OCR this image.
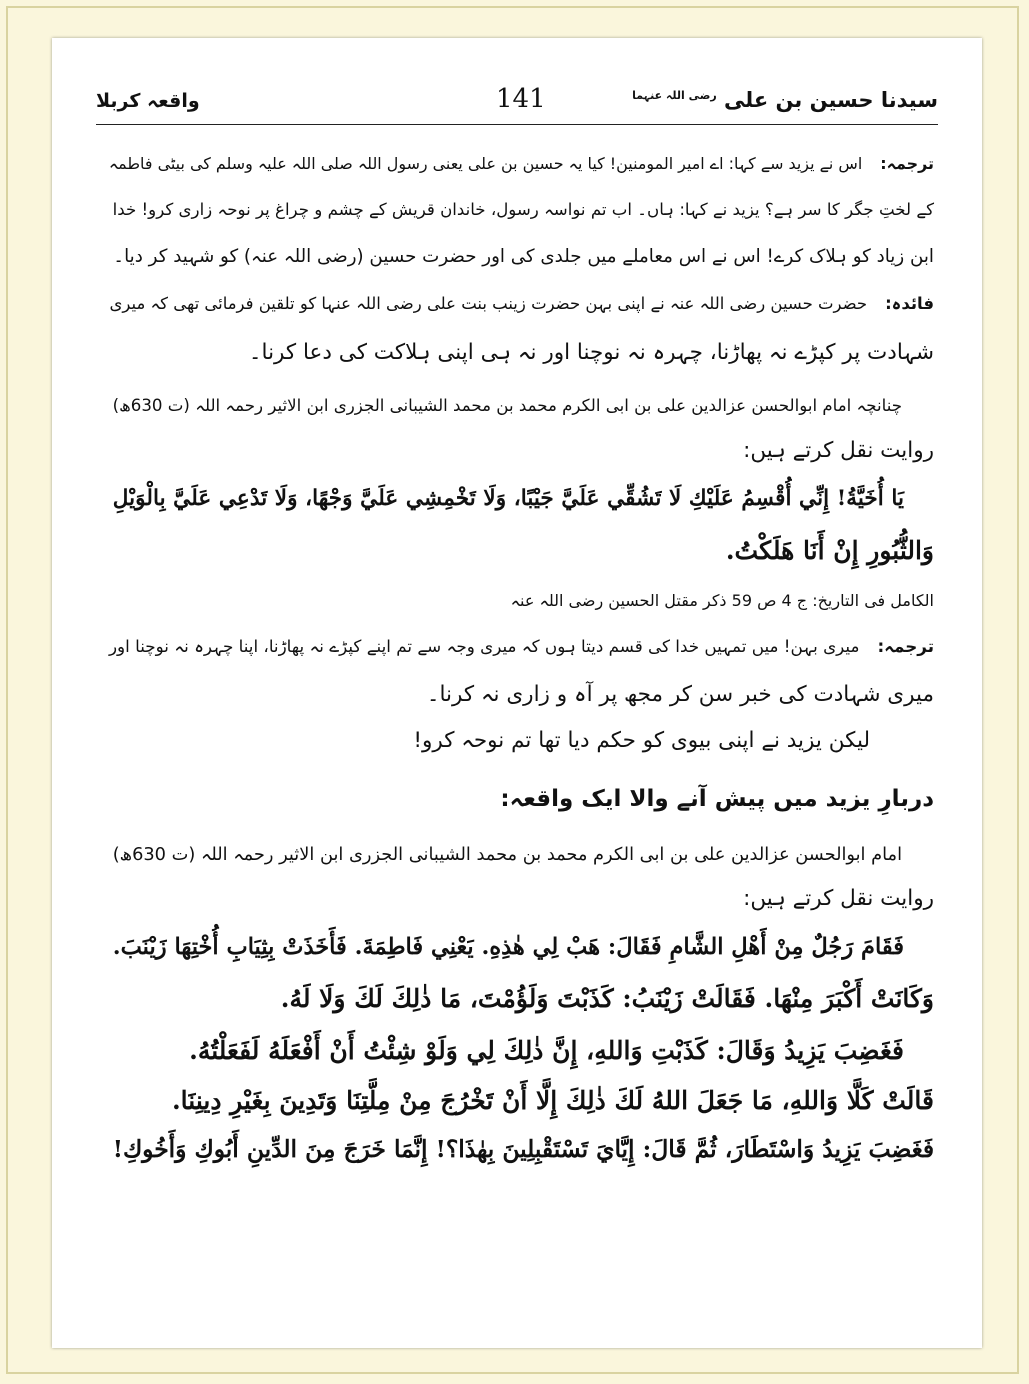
سیدنا حسین بن علی $^{رضی اللہ عنہما}$
141
واقعہ کربلا
ترجمہ:اس نے یزید سے کہا: اے امیر المومنین! کیا یہ حسین بن علی یعنی رسول اللہ صلی اللہ علیہ وسلم کی بیٹی فاطمہ
کے لختِ جگر کا سر ہے؟ یزید نے کہا: ہاں۔ اب تم نواسہ رسول، خاندان قریش کے چشم و چراغ پر نوحہ زاری کرو! خدا
ابن زیاد کو ہلاک کرے! اس نے اس معاملے میں جلدی کی اور حضرت حسین (رضی اللہ عنہ) کو شہید کر دیا۔
فائدہ:حضرت حسین رضی اللہ عنہ نے اپنی بہن حضرت زینب بنت علی رضی اللہ عنہا کو تلقین فرمائی تھی کہ میری
شہادت پر کپڑے نہ پھاڑنا، چہرہ نہ نوچنا اور نہ ہی اپنی ہلاکت کی دعا کرنا۔
چنانچہ امام ابوالحسن عزالدین علی بن ابی الکرم محمد بن محمد الشیبانی الجزری ابن الاثیر رحمہ اللہ (ت 630ھ)
روایت نقل کرتے ہیں:
يَا أُخَيَّةُ! إِنِّي أُقْسِمُ عَلَيْكِ لَا تَشُقِّي عَلَيَّ جَيْبًا، وَلَا تَخْمِشِي عَلَيَّ وَجْهًا، وَلَا تَدْعِي عَلَيَّ بِالْوَيْلِ
وَالثُّبُورِ إِنْ أَنَا هَلَكْتُ.
الکامل فی التاریخ: ج 4 ص 59 ذکر مقتل الحسین رضی اللہ عنہ
ترجمہ:میری بہن! میں تمہیں خدا کی قسم دیتا ہوں کہ میری وجہ سے تم اپنے کپڑے نہ پھاڑنا، اپنا چہرہ نہ نوچنا اور
میری شہادت کی خبر سن کر مجھ پر آہ و زاری نہ کرنا۔
لیکن یزید نے اپنی بیوی کو حکم دیا تھا تم نوحہ کرو!
دربارِ یزید میں پیش آنے والا ایک واقعہ:
امام ابوالحسن عزالدین علی بن ابی الکرم محمد بن محمد الشیبانی الجزری ابن الاثیر رحمہ اللہ (ت 630ھ)
روایت نقل کرتے ہیں:
فَقَامَ رَجُلٌ مِنْ أَهْلِ الشَّامِ فَقَالَ: هَبْ لِي هٰذِهِ. يَعْنِي فَاطِمَةَ. فَأَخَذَتْ بِثِيَابِ أُخْتِهَا زَيْنَبَ.
وَكَانَتْ أَكْبَرَ مِنْهَا. فَقَالَتْ زَيْنَبُ: كَذَبْتَ وَلَؤُمْتَ، مَا ذٰلِكَ لَكَ وَلَا لَهُ.
فَغَضِبَ يَزِيدُ وَقَالَ: كَذَبْتِ وَاللهِ، إِنَّ ذٰلِكَ لِي وَلَوْ شِئْتُ أَنْ أَفْعَلَهُ لَفَعَلْتُهُ.
قَالَتْ كَلَّا وَاللهِ، مَا جَعَلَ اللهُ لَكَ ذٰلِكَ إِلَّا أَنْ تَخْرُجَ مِنْ مِلَّتِنَا وَتَدِينَ بِغَيْرِ دِينِنَا.
فَغَضِبَ يَزِيدُ وَاسْتَطَارَ، ثُمَّ قَالَ: إِيَّايَ تَسْتَقْبِلِينَ بِهٰذَا؟! إِنَّمَا خَرَجَ مِنَ الدِّينِ أَبُوكِ وَأَخُوكِ!
